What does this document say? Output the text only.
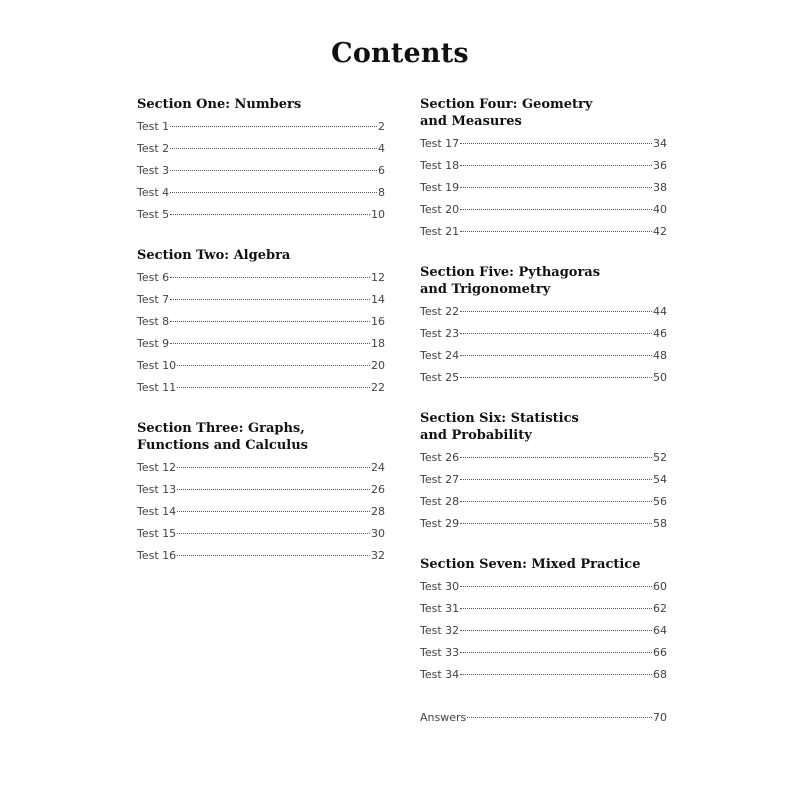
Contents
Section One: Numbers
Test 1	2
Test 2	4
Test 3	6
Test 4	8
Test 5	10
Section Two: Algebra
Test 6	12
Test 7	14
Test 8	16
Test 9	18
Test 10	20
Test 11	22
Section Three: Graphs,
Functions and Calculus
Test 12	24
Test 13	26
Test 14	28
Test 15	30
Test 16	32
Section Four: Geometry
and Measures
Test 17	34
Test 18	36
Test 19	38
Test 20	40
Test 21	42
Section Five: Pythagoras
and Trigonometry
Test 22	44
Test 23	46
Test 24	48
Test 25	50
Section Six: Statistics
and Probability
Test 26	52
Test 27	54
Test 28	56
Test 29	58
Section Seven: Mixed Practice
Test 30	60
Test 31	62
Test 32	64
Test 33	66
Test 34	68
Answers	70
